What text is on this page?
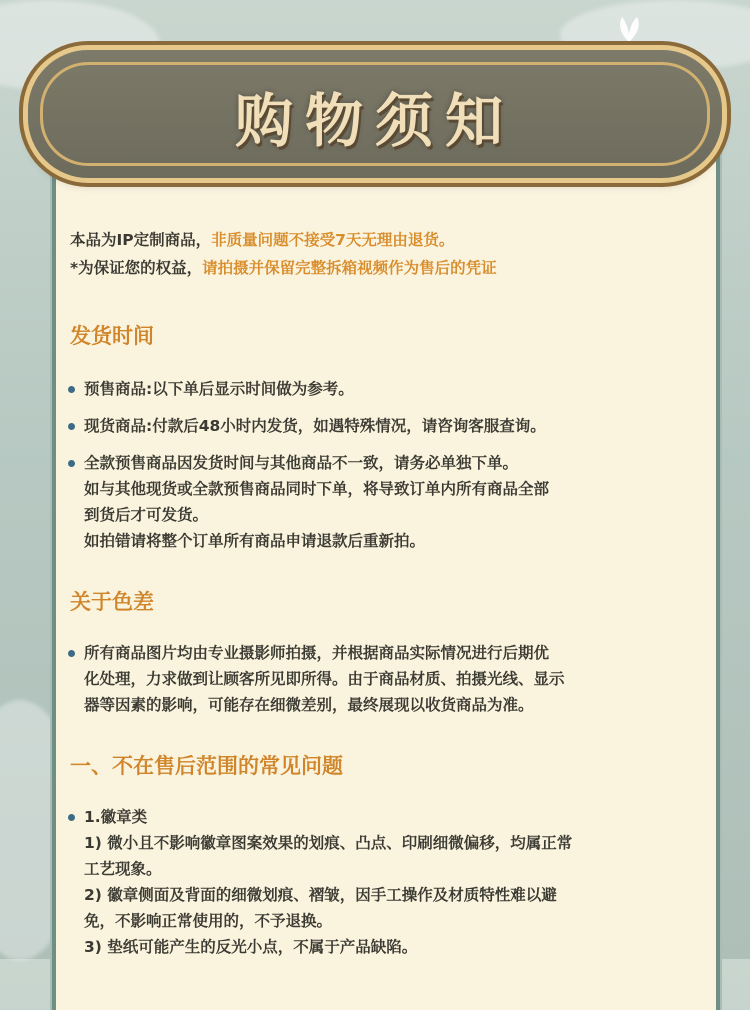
购物须知
本品为IP定制商品，非质量问题不接受7天无理由退货。
*为保证您的权益，请拍摄并保留完整拆箱视频作为售后的凭证
发货时间

预售商品:以下单后显示时间做为参考。

现货商品:付款后48小时内发货，如遇特殊情况，请咨询客服查询。

全款预售商品因发货时间与其他商品不一致，请务必单独下单。

如与其他现货或全款预售商品同时下单，将导致订单内所有商品全部

到货后才可发货。

如拍错请将整个订单所有商品申请退款后重新拍。

关于色差

所有商品图片均由专业摄影师拍摄，并根据商品实际情况进行后期优

化处理，力求做到让顾客所见即所得。由于商品材质、拍摄光线、显示

器等因素的影响，可能存在细微差别，最终展现以收货商品为准。

一、不在售后范围的常见问题

1.徽章类

1) 微小且不影响徽章图案效果的划痕、凸点、印刷细微偏移，均属正常

工艺现象。

2) 徽章侧面及背面的细微划痕、褶皱，因手工操作及材质特性难以避

免，不影响正常使用的，不予退换。

3) 垫纸可能产生的反光小点，不属于产品缺陷。
